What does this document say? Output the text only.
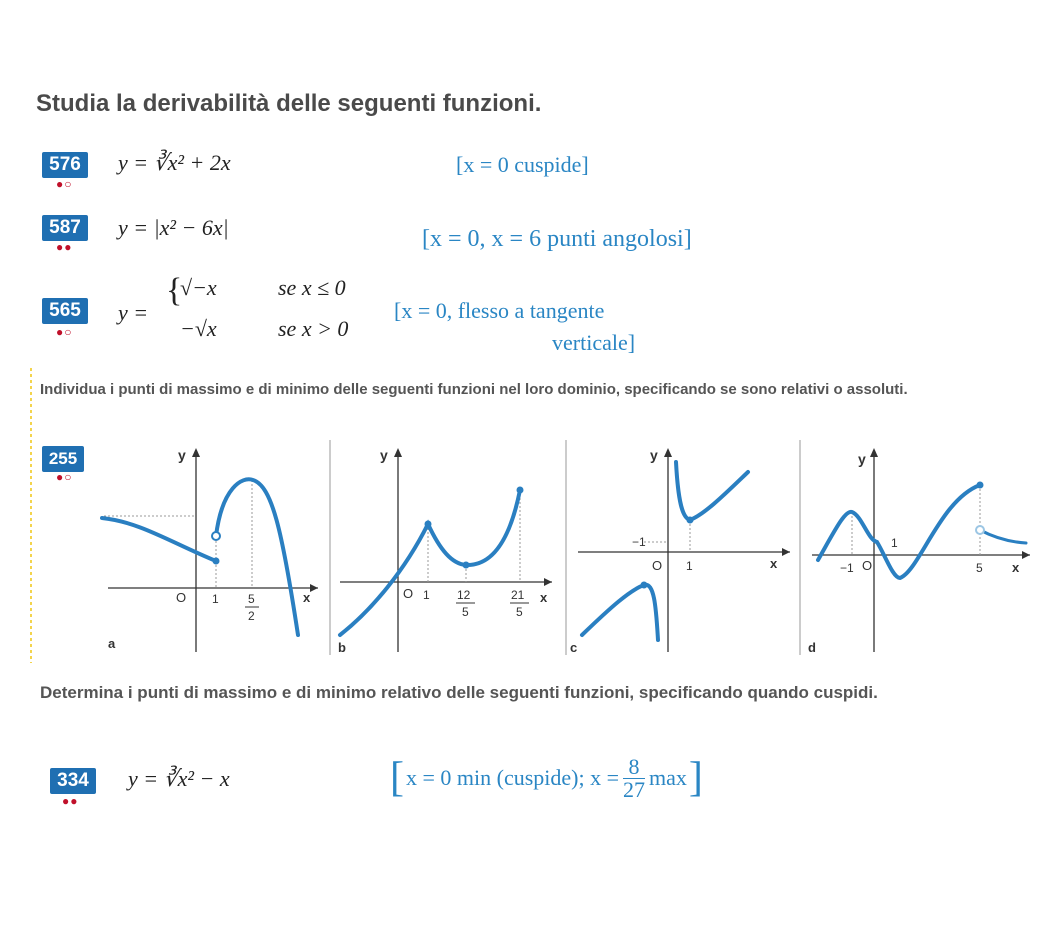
Studia la derivabilità delle seguenti funzioni.
576
●○
y = ∛x² + 2x	[x = 0 cuspide]
587
●●
y = |x² − 6x|	[x = 0, x = 6 punti angolosi]
565
●○
y =
{
√−x	se x ≤ 0
−√x	se x > 0
[x = 0, flesso a tangente
verticale]
Individua i punti di massimo e di minimo delle seguenti funzioni nel loro dominio, specificando se sono relativi o assoluti.
255
●○
y
x
O 1 5
2
a
y
x
O 1 12
5
21
5
b
y
x
O
−1
1
c
y
x
O
−1
1
5
d
Determina i punti di massimo e di minimo relativo delle seguenti funzioni, specificando quando cuspidi.
334
●●
y = ∛x² − x	[ x = 0 min (cuspide); $x = \frac{8}{27}$ max ]
